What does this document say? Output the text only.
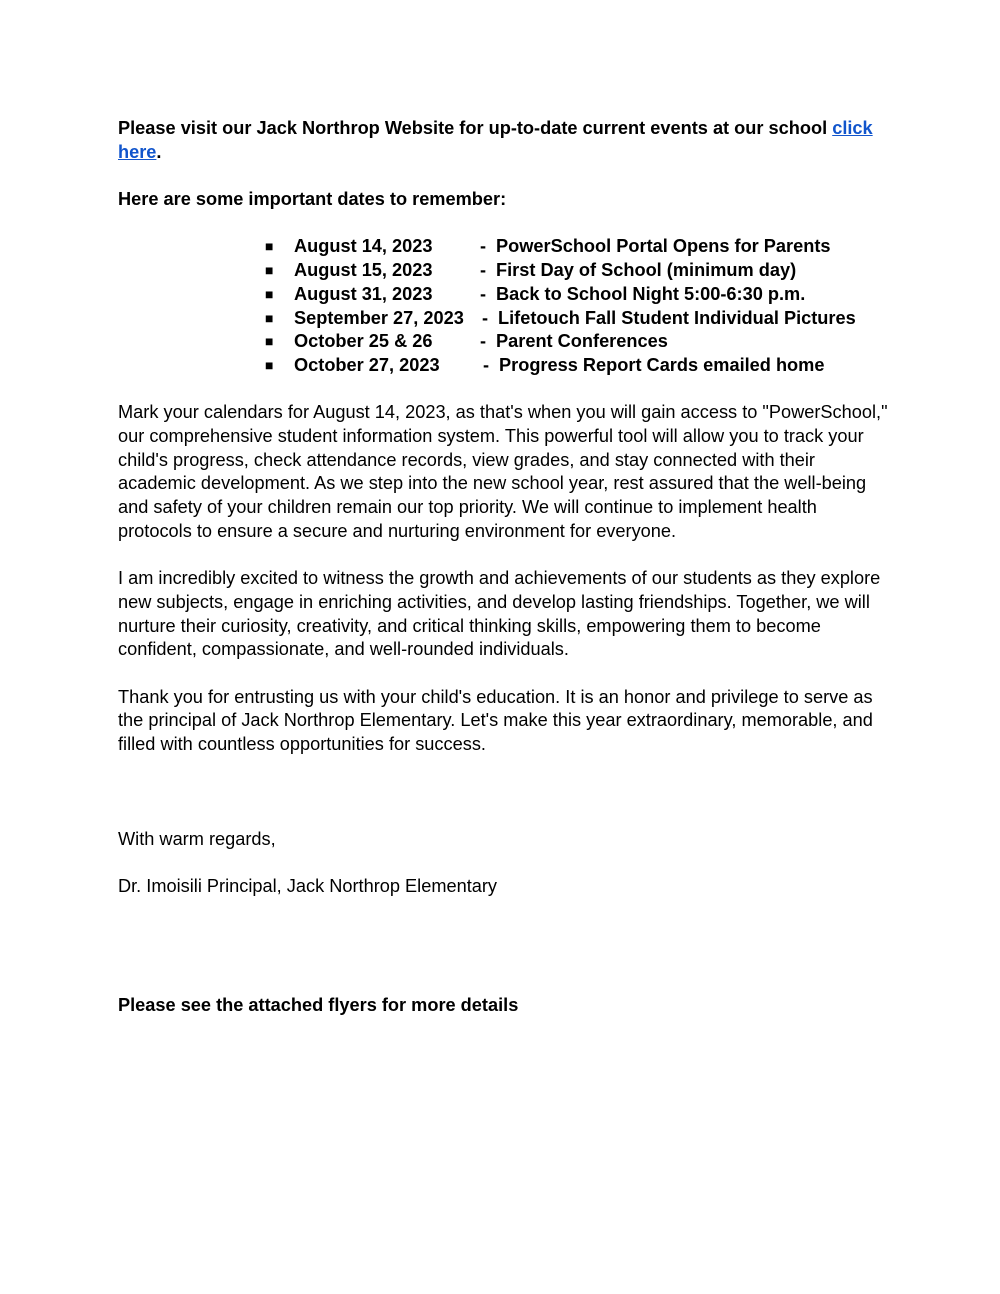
Please visit our Jack Northrop Website for up-to-date current events at our school click
here.

Here are some important dates to remember:

■	August 14, 2023	- PowerSchool Portal Opens for Parents
■	August 15, 2023	- First Day of School (minimum day)
■	August 31, 2023	- Back to School Night 5:00-6:30 p.m.
■	September 27, 2023 - Lifetouch Fall Student Individual Pictures
■	October 25 & 26	- Parent Conferences
■	October 27, 2023	- Progress Report Cards emailed home

Mark your calendars for August 14, 2023, as that's when you will gain access to "PowerSchool,"
our comprehensive student information system. This powerful tool will allow you to track your
child's progress, check attendance records, view grades, and stay connected with their
academic development. As we step into the new school year, rest assured that the well-being
and safety of your children remain our top priority. We will continue to implement health
protocols to ensure a secure and nurturing environment for everyone.

I am incredibly excited to witness the growth and achievements of our students as they explore
new subjects, engage in enriching activities, and develop lasting friendships. Together, we will
nurture their curiosity, creativity, and critical thinking skills, empowering them to become
confident, compassionate, and well-rounded individuals.

Thank you for entrusting us with your child's education. It is an honor and privilege to serve as
the principal of Jack Northrop Elementary. Let's make this year extraordinary, memorable, and
filled with countless opportunities for success.

With warm regards,

Dr. Imoisili Principal, Jack Northrop Elementary

Please see the attached flyers for more details
